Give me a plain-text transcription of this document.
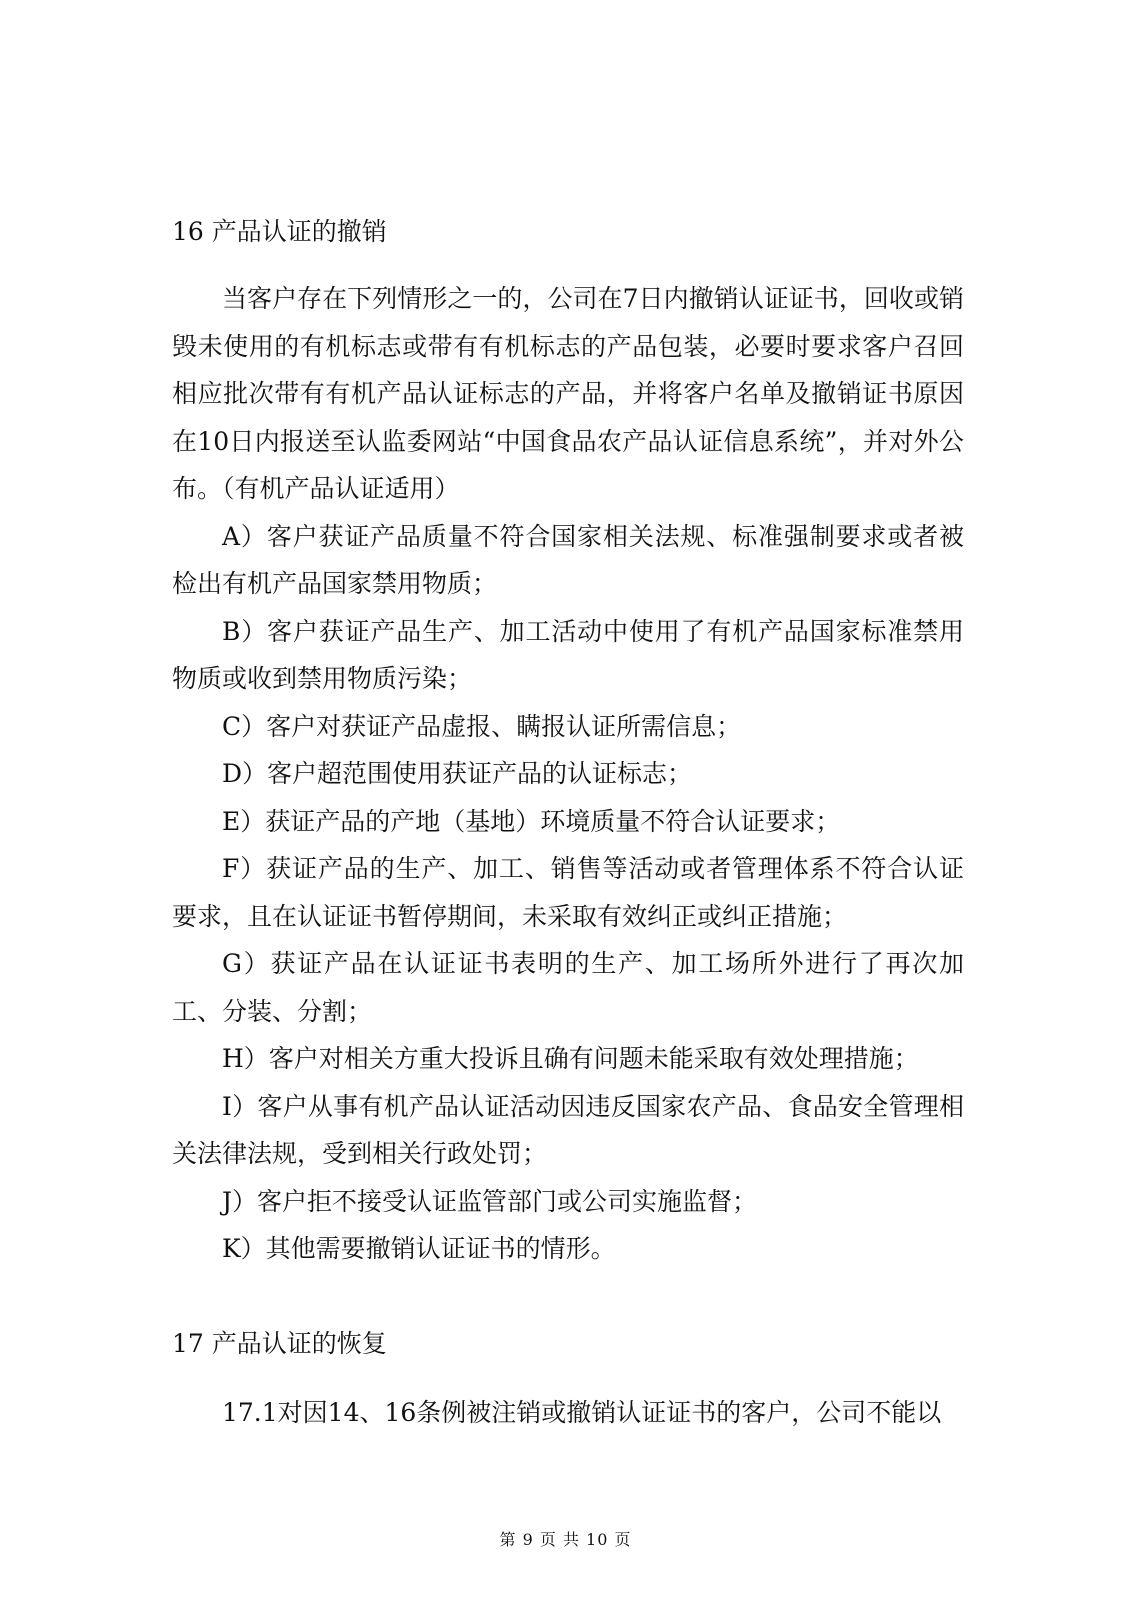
16 产品认证的撤销

当客户存在下列情形之一的，公司在7日内撤销认证证书，回收或销毁未使用的有机标志或带有有机标志的产品包装，必要时要求客户召回相应批次带有有机产品认证标志的产品，并将客户名单及撤销证书原因在10日内报送至认监委网站“中国食品农产品认证信息系统”，并对外公布。（有机产品认证适用）

A）客户获证产品质量不符合国家相关法规、标准强制要求或者被检出有机产品国家禁用物质；

B）客户获证产品生产、加工活动中使用了有机产品国家标准禁用物质或收到禁用物质污染；

C）客户对获证产品虚报、瞒报认证所需信息；

D）客户超范围使用获证产品的认证标志；

E）获证产品的产地（基地）环境质量不符合认证要求；

F）获证产品的生产、加工、销售等活动或者管理体系不符合认证要求，且在认证证书暂停期间，未采取有效纠正或纠正措施；

G）获证产品在认证证书表明的生产、加工场所外进行了再次加工、分装、分割；

H）客户对相关方重大投诉且确有问题未能采取有效处理措施；

I）客户从事有机产品认证活动因违反国家农产品、食品安全管理相关法律法规，受到相关行政处罚；

J）客户拒不接受认证监管部门或公司实施监督；

K）其他需要撤销认证证书的情形。

17 产品认证的恢复

17.1对因14、16条例被注销或撤销认证证书的客户，公司不能以

第 9 页 共 10 页
